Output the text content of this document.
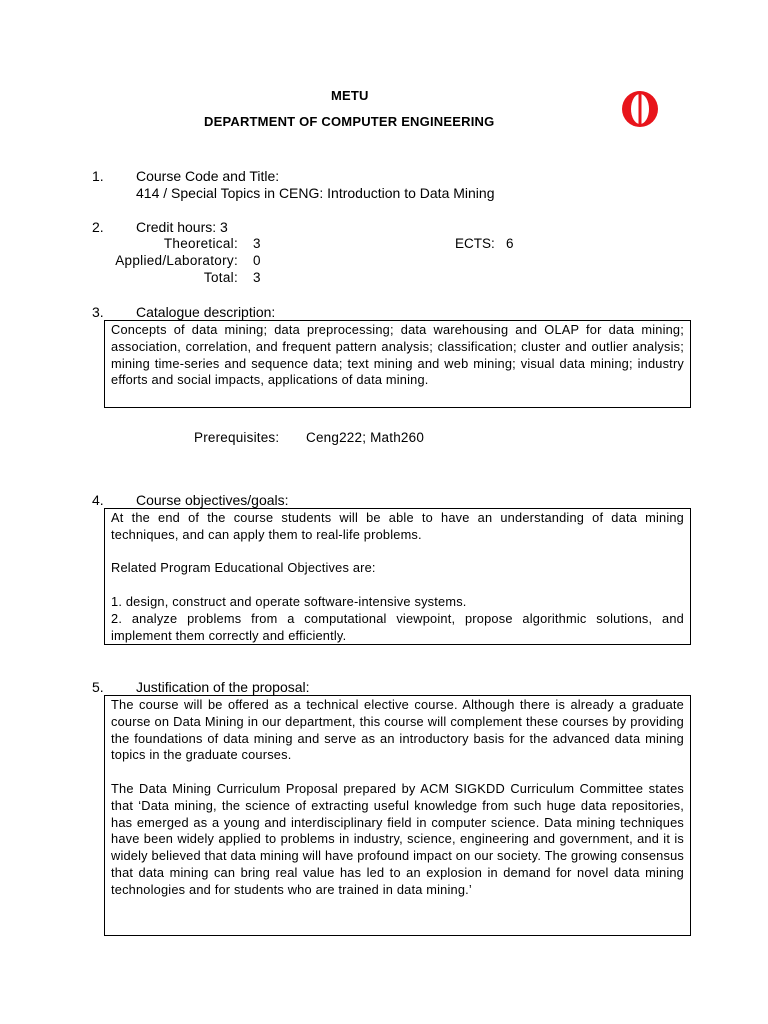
METU
DEPARTMENT OF COMPUTER ENGINEERING
1. Course Code and Title:
414 / Special Topics in CENG: Introduction to Data Mining
2. Credit hours: 3
Theoretical: 3
Applied/Laboratory: 0
Total: 3
ECTS: 6
3. Catalogue description:

Concepts of data mining; data preprocessing; data warehousing and OLAP for data mining; association, correlation, and frequent pattern analysis; classification; cluster and outlier analysis; mining time-series and sequence data; text mining and web mining; visual data mining; industry efforts and social impacts, applications of data mining.

Prerequisites: Ceng222; Math260
4. Course objectives/goals:

At the end of the course students will be able to have an understanding of data mining techniques, and can apply them to real-life problems.

Related Program Educational Objectives are:

1. design, construct and operate software-intensive systems.

2. analyze problems from a computational viewpoint, propose algorithmic solutions, and implement them correctly and efficiently.

5. Justification of the proposal:

The course will be offered as a technical elective course. Although there is already a graduate course on Data Mining in our department, this course will complement these courses by providing the foundations of data mining and serve as an introductory basis for the advanced data mining topics in the graduate courses.

The Data Mining Curriculum Proposal prepared by ACM SIGKDD Curriculum Committee states that ‘Data mining, the science of extracting useful knowledge from such huge data repositories, has emerged as a young and interdisciplinary field in computer science. Data mining techniques have been widely applied to problems in industry, science, engineering and government, and it is widely believed that data mining will have profound impact on our society. The growing consensus that data mining can bring real value has led to an explosion in demand for novel data mining technologies and for students who are trained in data mining.’
